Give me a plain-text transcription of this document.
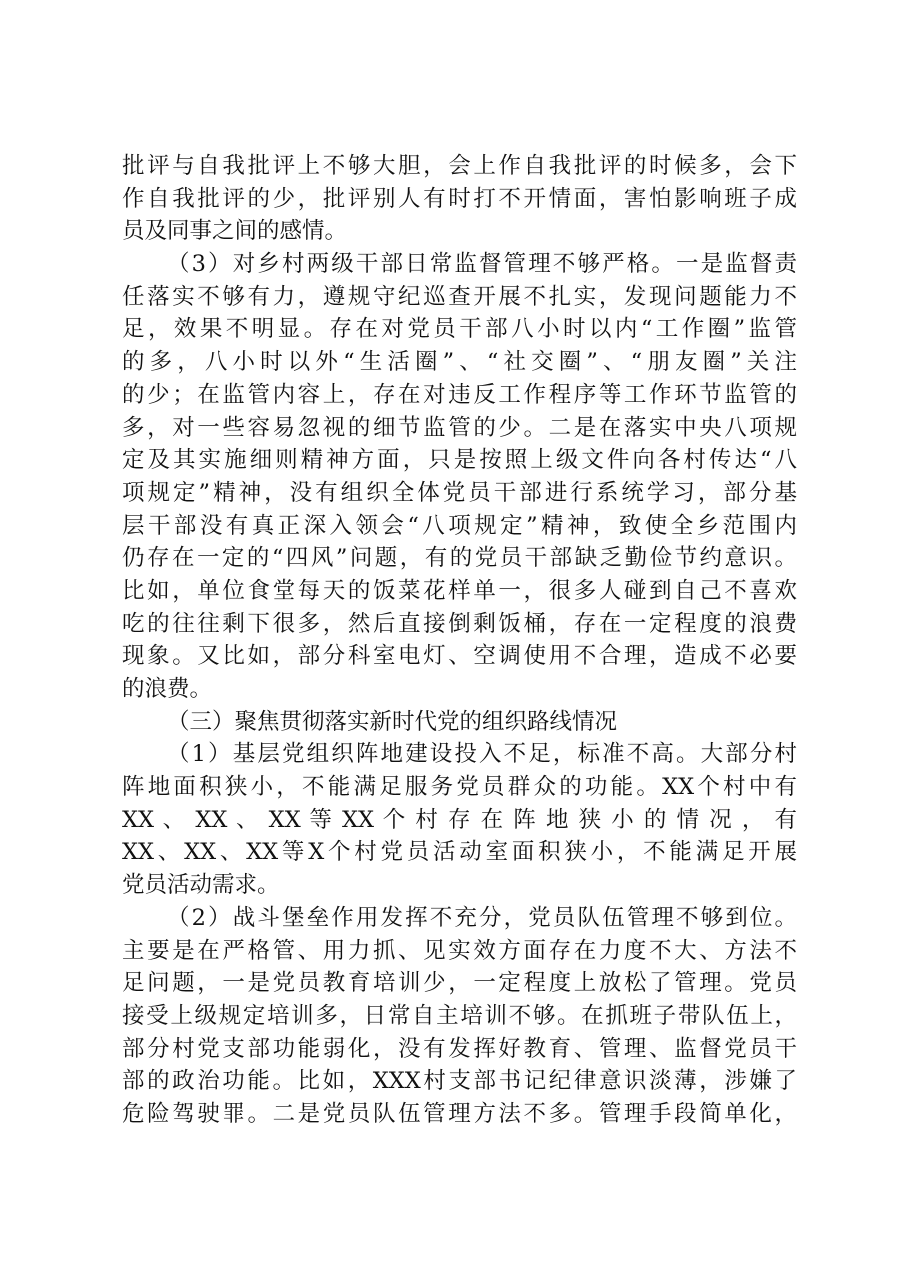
批评与自我批评上不够大胆，会上作自我批评的时候多，会下
作自我批评的少，批评别人有时打不开情面，害怕影响班子成
员及同事之间的感情。
（3）对乡村两级干部日常监督管理不够严格。一是监督责
任落实不够有力，遵规守纪巡查开展不扎实，发现问题能力不
足，效果不明显。存在对党员干部八小时以内“工作圈”监管
的多，八小时以外“生活圈”、“社交圈”、“朋友圈”关注
的少；在监管内容上，存在对违反工作程序等工作环节监管的
多，对一些容易忽视的细节监管的少。二是在落实中央八项规
定及其实施细则精神方面，只是按照上级文件向各村传达“八
项规定”精神，没有组织全体党员干部进行系统学习，部分基
层干部没有真正深入领会“八项规定”精神，致使全乡范围内
仍存在一定的“四风”问题，有的党员干部缺乏勤俭节约意识。
比如，单位食堂每天的饭菜花样单一，很多人碰到自己不喜欢
吃的往往剩下很多，然后直接倒剩饭桶，存在一定程度的浪费
现象。又比如，部分科室电灯、空调使用不合理，造成不必要
的浪费。
（三）聚焦贯彻落实新时代党的组织路线情况
（1）基层党组织阵地建设投入不足，标准不高。大部分村
阵地面积狭小，不能满足服务党员群众的功能。XX个村中有
XX 、 XX 、 XX 等 XX 个 村 存 在 阵 地 狭 小 的 情 况 ， 有
XX、XX、XX等X个村党员活动室面积狭小，不能满足开展
党员活动需求。
（2）战斗堡垒作用发挥不充分，党员队伍管理不够到位。
主要是在严格管、用力抓、见实效方面存在力度不大、方法不
足问题，一是党员教育培训少，一定程度上放松了管理。党员
接受上级规定培训多，日常自主培训不够。在抓班子带队伍上，
部分村党支部功能弱化，没有发挥好教育、管理、监督党员干
部的政治功能。比如，XXX村支部书记纪律意识淡薄，涉嫌了
危险驾驶罪。二是党员队伍管理方法不多。管理手段简单化，
